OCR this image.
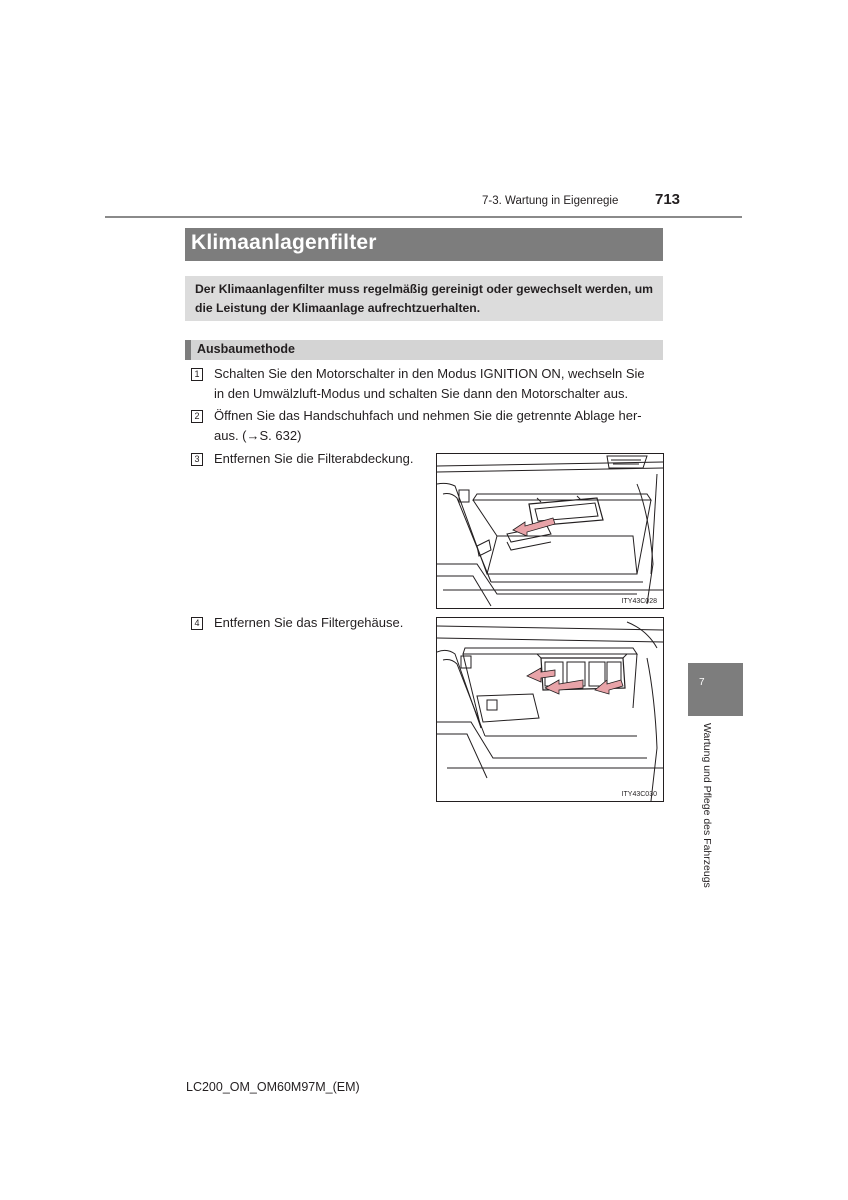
7-3. Wartung in Eigenregie 713
Klimaanlagenfilter
Der Klimaanlagenfilter muss regelmäßig gereinigt oder gewechselt werden, um die Leistung der Klimaanlage aufrechtzuerhalten.
Ausbaumethode
1 Schalten Sie den Motorschalter in den Modus IGNITION ON, wechseln Sie
in den Umwälzluft-Modus und schalten Sie dann den Motorschalter aus.
2 Öffnen Sie das Handschuhfach und nehmen Sie die getrennte Ablage her-
aus. (→S. 632)
3 Entfernen Sie die Filterabdeckung.
ITY43C028
4 Entfernen Sie das Filtergehäuse.
ITY43C030
7
Wartung und Pflege des Fahrzeugs
LC200_OM_OM60M97M_(EM)
